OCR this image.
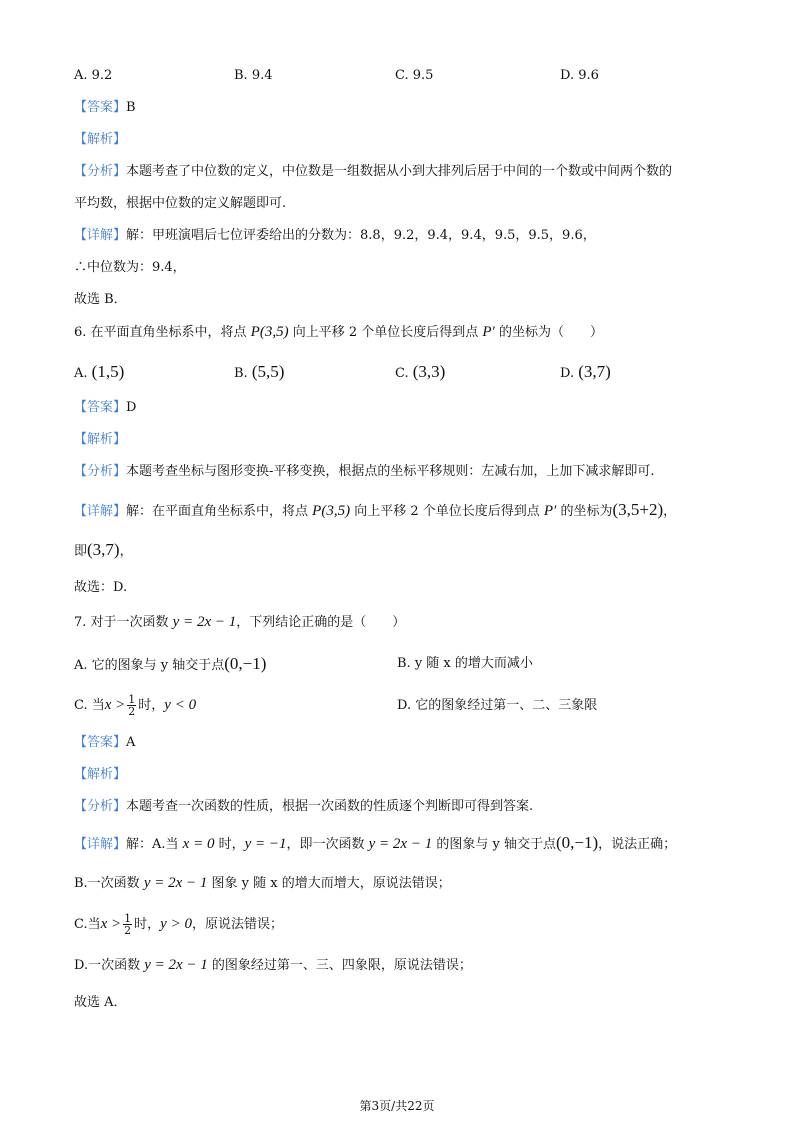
A. 9.2	B. 9.4	C. 9.5	D. 9.6
【答案】B
【解析】
【分析】本题考查了中位数的定义，中位数是一组数据从小到大排列后居于中间的一个数或中间两个数的
平均数，根据中位数的定义解题即可.
【详解】解：甲班演唱后七位评委给出的分数为：8.8，9.2，9.4，9.4，9.5，9.5，9.6，
∴中位数为：9.4，
故选 B．
6. 在平面直角坐标系中，将点 P(3,5) 向上平移 2 个单位长度后得到点 P′ 的坐标为（　　）
A. (1,5)	B. (5,5)	C. (3,3)	D. (3,7)
【答案】D
【解析】
【分析】本题考查坐标与图形变换-平移变换，根据点的坐标平移规则：左减右加，上加下减求解即可.
【详解】解：在平面直角坐标系中，将点 P(3,5) 向上平移 2 个单位长度后得到点 P′ 的坐标为(3,5+2)，
即(3,7)，
故选：D.
7. 对于一次函数 y = 2x − 1，下列结论正确的是（　　）
A. 它的图象与 y 轴交于点(0,−1)	B. y 随 x 的增大而减小
C. 当$x > \frac{1}{2}$ 时，y < 0	D. 它的图象经过第一、二、三象限
【答案】A
【解析】
【分析】本题考查一次函数的性质，根据一次函数的性质逐个判断即可得到答案.
【详解】解：A.当 x = 0 时，y = −1，即一次函数 y = 2x − 1 的图象与 y 轴交于点(0,−1)，说法正确；
B.一次函数 y = 2x − 1 图象 y 随 x 的增大而增大，原说法错误；
C.当$x > \frac{1}{2}$ 时，y > 0，原说法错误；
D.一次函数 y = 2x − 1 的图象经过第一、三、四象限，原说法错误；
故选 A．
第3页/共22页
